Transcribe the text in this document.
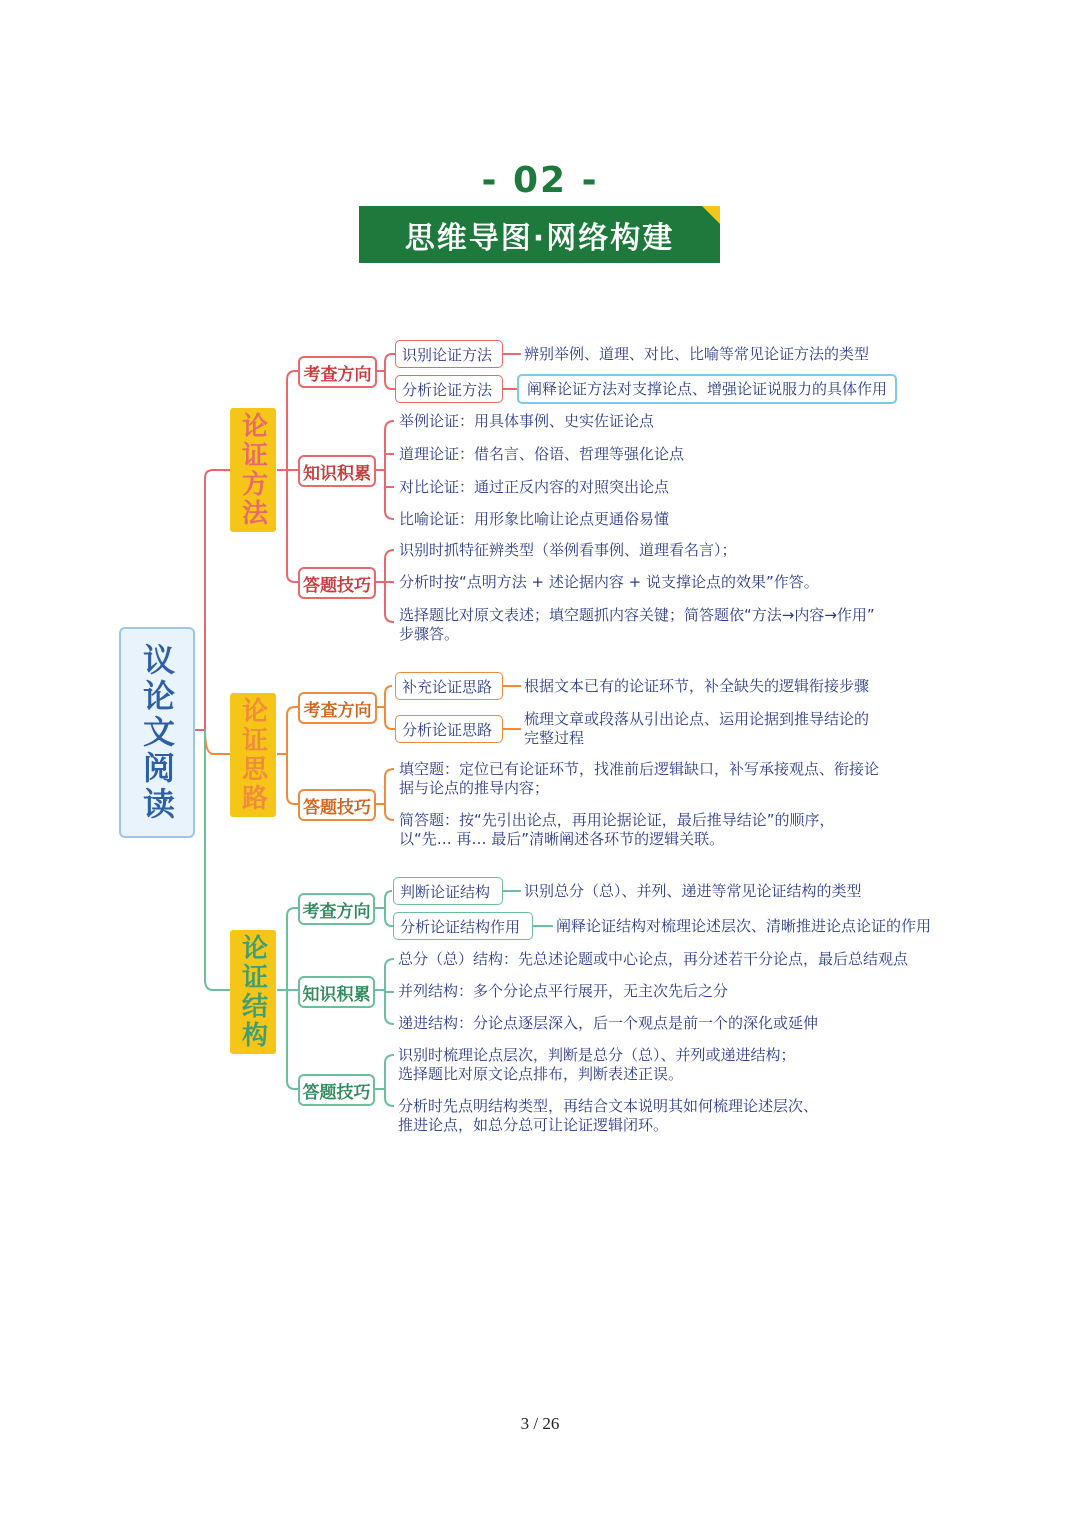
- 02 -
思维导图·网络构建
议论文阅读
论证方法
考查方向
识别论证方法	辨别举例、道理、对比、比喻等常见论证方法的类型
分析论证方法	阐释论证方法对支撑论点、增强论证说服力的具体作用
知识积累
举例论证：用具体事例、史实佐证论点
道理论证：借名言、俗语、哲理等强化论点
对比论证：通过正反内容的对照突出论点
比喻论证：用形象比喻让论点更通俗易懂
答题技巧
识别时抓特征辨类型（举例看事例、道理看名言）；
分析时按“点明方法 + 述论据内容 + 说支撑论点的效果”作答。
选择题比对原文表述；填空题抓内容关键；简答题依“方法→内容→作用”
步骤答。
论证思路	考查方向
补充论证思路	根据文本已有的论证环节，补全缺失的逻辑衔接步骤
分析论证思路
梳理文章或段落从引出论点、运用论据到推导结论的
完整过程
答题技巧
填空题：定位已有论证环节，找准前后逻辑缺口，补写承接观点、衔接论
据与论点的推导内容；
简答题：按“先引出论点，再用论据论证，最后推导结论”的顺序，
以“先… 再… 最后”清晰阐述各环节的逻辑关联。
论证结构
考查方向
判断论证结构	识别总分（总）、并列、递进等常见论证结构的类型
分析论证结构作用	阐释论证结构对梳理论述层次、清晰推进论点论证的作用
知识积累
总分（总）结构：先总述论题或中心论点，再分述若干分论点，最后总结观点
并列结构：多个分论点平行展开，无主次先后之分
递进结构：分论点逐层深入，后一个观点是前一个的深化或延伸
答题技巧
识别时梳理论点层次，判断是总分（总）、并列或递进结构；
选择题比对原文论点排布，判断表述正误。
分析时先点明结构类型，再结合文本说明其如何梳理论述层次、
推进论点，如总分总可让论证逻辑闭环。
3 / 26
